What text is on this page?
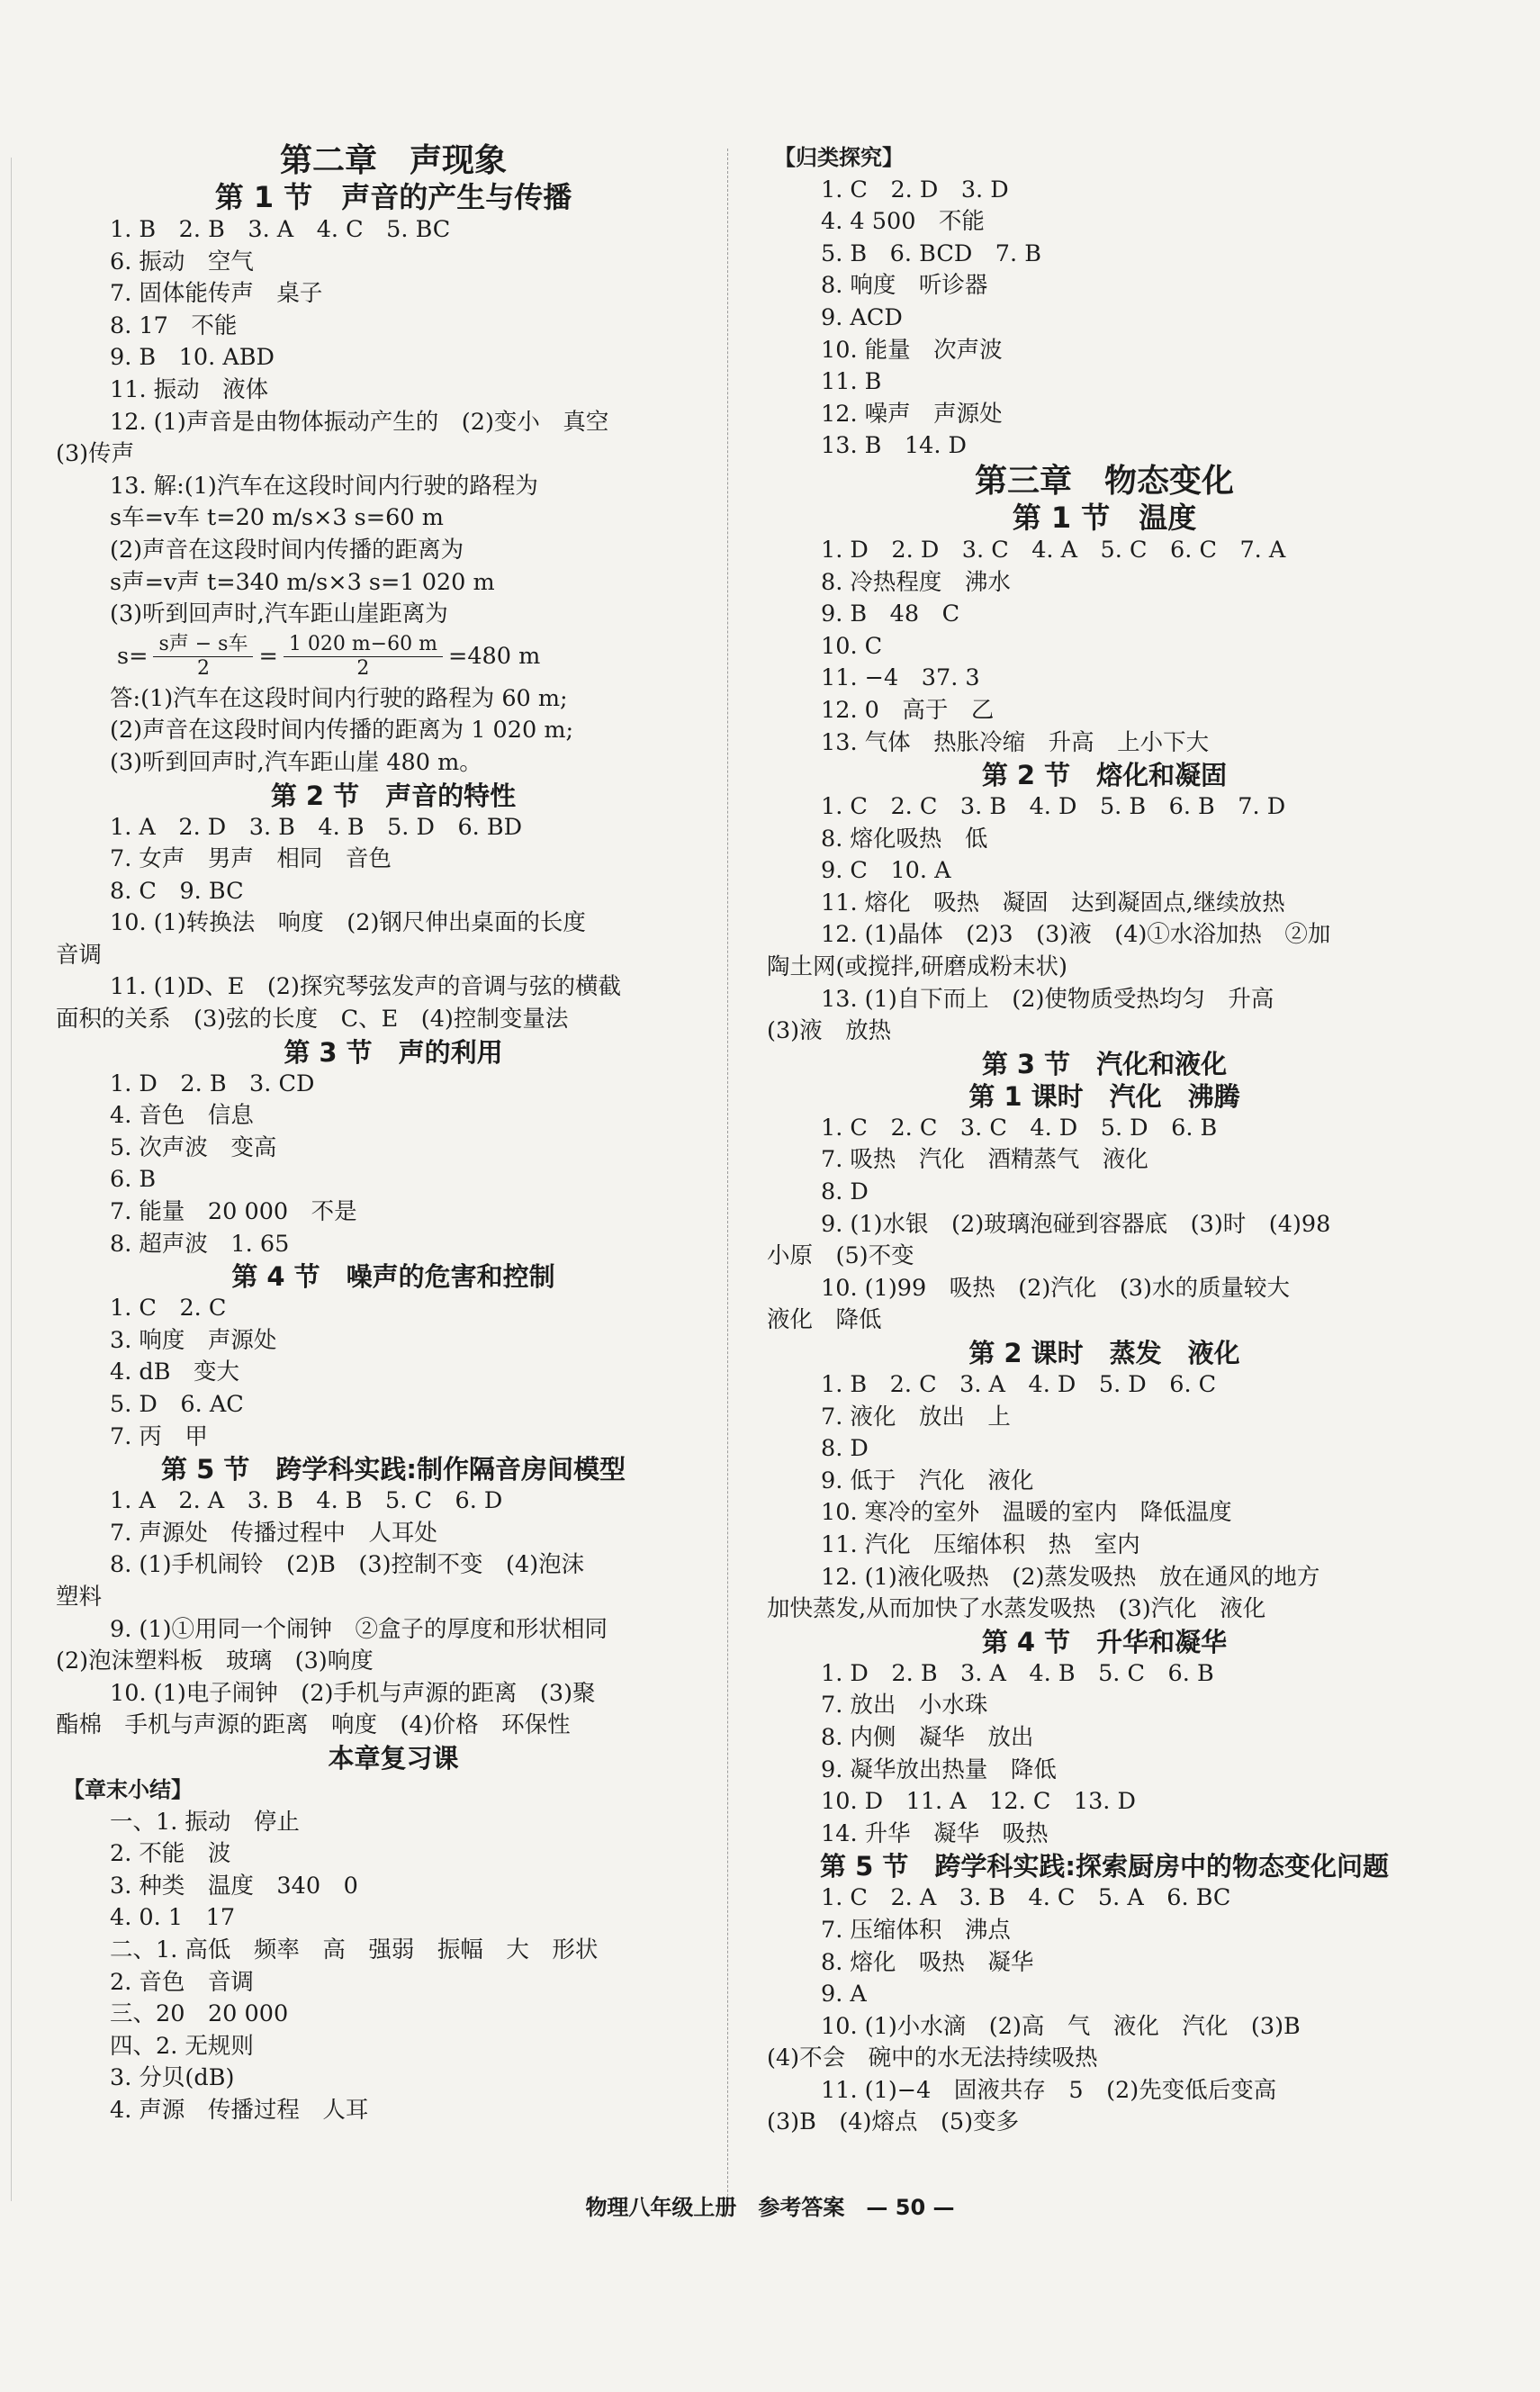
第二章　声现象
第 1 节　声音的产生与传播
1. B　2. B　3. A　4. C　5. BC
6. 振动　空气
7. 固体能传声　桌子
8. 17　不能
9. B　10. ABD
11. 振动　液体
12. (1)声音是由物体振动产生的　(2)变小　真空
(3)传声
13. 解:(1)汽车在这段时间内行驶的路程为
s车=v车 t=20 m/s×3 s=60 m
(2)声音在这段时间内传播的距离为
s声=v声 t=340 m/s×3 s=1 020 m
(3)听到回声时,汽车距山崖距离为
$s= \frac{\text{s声 − s车}}{2} = \frac{1 020 m-60 m}{2} =480$ m
答:(1)汽车在这段时间内行驶的路程为 60 m;
(2)声音在这段时间内传播的距离为 1 020 m;
(3)听到回声时,汽车距山崖 480 m。
第 2 节　声音的特性
1. A　2. D　3. B　4. B　5. D　6. BD
7. 女声　男声　相同　音色
8. C　9. BC
10. (1)转换法　响度　(2)钢尺伸出桌面的长度
音调
11. (1)D、E　(2)探究琴弦发声的音调与弦的横截
面积的关系　(3)弦的长度　C、E　(4)控制变量法
第 3 节　声的利用
1. D　2. B　3. CD
4. 音色　信息
5. 次声波　变高
6. B
7. 能量　20 000　不是
8. 超声波　1. 65
第 4 节　噪声的危害和控制
1. C　2. C
3. 响度　声源处
4. dB　变大
5. D　6. AC
7. 丙　甲
第 5 节　跨学科实践:制作隔音房间模型
1. A　2. A　3. B　4. B　5. C　6. D
7. 声源处　传播过程中　人耳处
8. (1)手机闹铃　(2)B　(3)控制不变　(4)泡沫
塑料
9. (1)①用同一个闹钟　②盒子的厚度和形状相同
(2)泡沫塑料板　玻璃　(3)响度
10. (1)电子闹钟　(2)手机与声源的距离　(3)聚
酯棉　手机与声源的距离　响度　(4)价格　环保性
本章复习课
【章末小结】
一、1. 振动　停止
2. 不能　波
3. 种类　温度　340　0
4. 0. 1　17
二、1. 高低　频率　高　强弱　振幅　大　形状
2. 音色　音调
三、20　20 000
四、2. 无规则
3. 分贝(dB)
4. 声源　传播过程　人耳
【归类探究】
1. C　2. D　3. D
4. 4 500　不能
5. B　6. BCD　7. B
8. 响度　听诊器
9. ACD
10. 能量　次声波
11. B
12. 噪声　声源处
13. B　14. D
第三章　物态变化
第 1 节　温度
1. D　2. D　3. C　4. A　5. C　6. C　7. A
8. 冷热程度　沸水
9. B　48　C
10. C
11. −4　37. 3
12. 0　高于　乙
13. 气体　热胀冷缩　升高　上小下大
第 2 节　熔化和凝固
1. C　2. C　3. B　4. D　5. B　6. B　7. D
8. 熔化吸热　低
9. C　10. A
11. 熔化　吸热　凝固　达到凝固点,继续放热
12. (1)晶体　(2)3　(3)液　(4)①水浴加热　②加
陶土网(或搅拌,研磨成粉末状)
13. (1)自下而上　(2)使物质受热均匀　升高
(3)液　放热
第 3 节　汽化和液化
第 1 课时　汽化　沸腾
1. C　2. C　3. C　4. D　5. D　6. B
7. 吸热　汽化　酒精蒸气　液化
8. D
9. (1)水银　(2)玻璃泡碰到容器底　(3)时　(4)98
小原　(5)不变
10. (1)99　吸热　(2)汽化　(3)水的质量较大
液化　降低
第 2 课时　蒸发　液化
1. B　2. C　3. A　4. D　5. D　6. C
7. 液化　放出　上
8. D
9. 低于　汽化　液化
10. 寒冷的室外　温暖的室内　降低温度
11. 汽化　压缩体积　热　室内
12. (1)液化吸热　(2)蒸发吸热　放在通风的地方
加快蒸发,从而加快了水蒸发吸热　(3)汽化　液化
第 4 节　升华和凝华
1. D　2. B　3. A　4. B　5. C　6. B
7. 放出　小水珠
8. 内侧　凝华　放出
9. 凝华放出热量　降低
10. D　11. A　12. C　13. D
14. 升华　凝华　吸热
第 5 节　跨学科实践:探索厨房中的物态变化问题
1. C　2. A　3. B　4. C　5. A　6. BC
7. 压缩体积　沸点
8. 熔化　吸热　凝华
9. A
10. (1)小水滴　(2)高　气　液化　汽化　(3)B
(4)不会　碗中的水无法持续吸热
11. (1)−4　固液共存　5　(2)先变低后变高
(3)B　(4)熔点　(5)变多
物理八年级上册　参考答案　— 50 —
